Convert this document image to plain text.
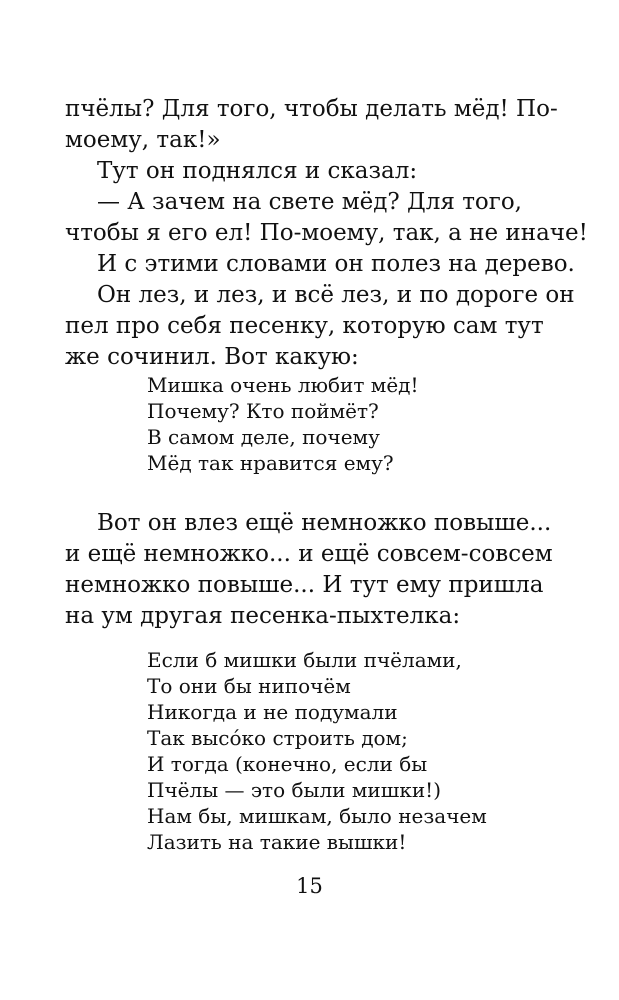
пчёлы? Для того, чтобы делать мёд! По-
моему, так!»
Тут он поднялся и сказал:
— А зачем на свете мёд? Для того,
чтобы я его ел! По-моему, так, а не иначе!
И с этими словами он полез на дерево.
Он лез, и лез, и всё лез, и по дороге он
пел про себя песенку, которую сам тут
же сочинил. Вот какую:
Мишка очень любит мёд!
Почему? Кто поймёт?
В самом деле, почему
Мёд так нравится ему?
Вот он влез ещё немножко повыше...
и ещё немножко... и ещё совсем-совсем
немножко повыше... И тут ему пришла
на ум другая песенка-пыхтелка:
Если б мишки были пчёлами,
То они бы нипочём
Никогда и не подумали
Так высóко строить дом;
И тогда (конечно, если бы
Пчёлы — это были мишки!)
Нам бы, мишкам, было незачем
Лазить на такие вышки!
15
